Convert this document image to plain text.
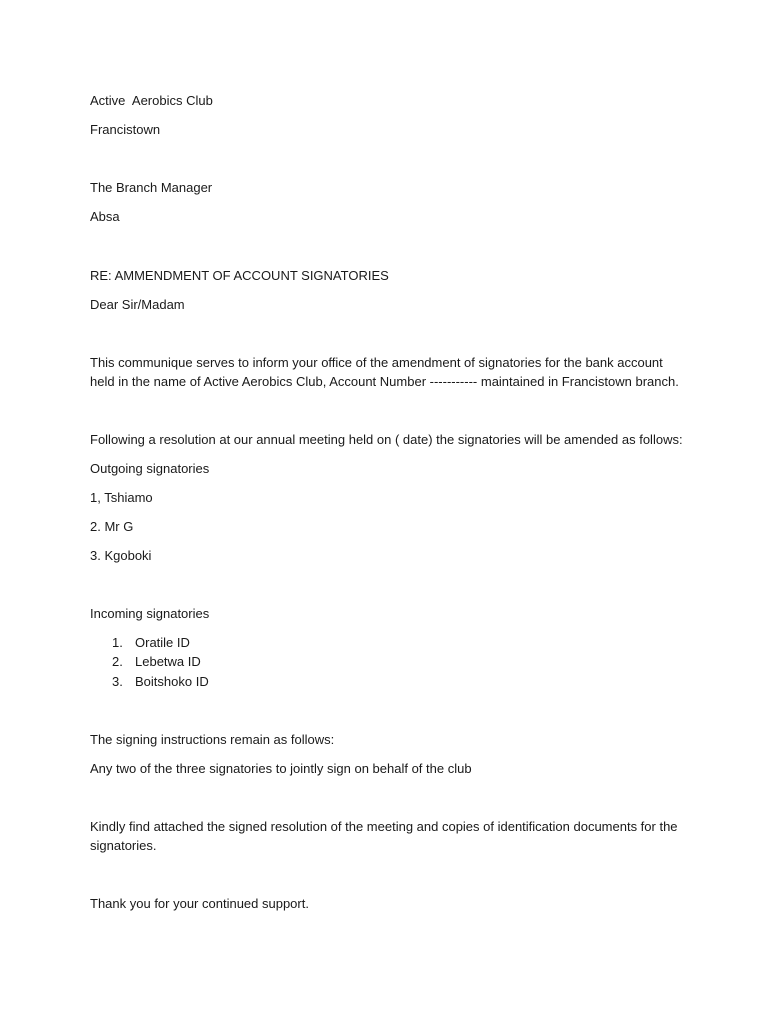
Active  Aerobics Club
Francistown
The Branch Manager
Absa
RE: AMMENDMENT OF ACCOUNT SIGNATORIES
Dear Sir/Madam
This communique serves to inform your office of the amendment of signatories for the bank account
held in the name of Active Aerobics Club, Account Number ----------- maintained in Francistown branch.
Following a resolution at our annual meeting held on ( date) the signatories will be amended as follows:
Outgoing signatories
1, Tshiamo
2. Mr G
3. Kgoboki
Incoming signatories
1. Oratile ID
2. Lebetwa ID
3. Boitshoko ID
The signing instructions remain as follows:
Any two of the three signatories to jointly sign on behalf of the club
Kindly find attached the signed resolution of the meeting and copies of identification documents for the
signatories.
Thank you for your continued support.
